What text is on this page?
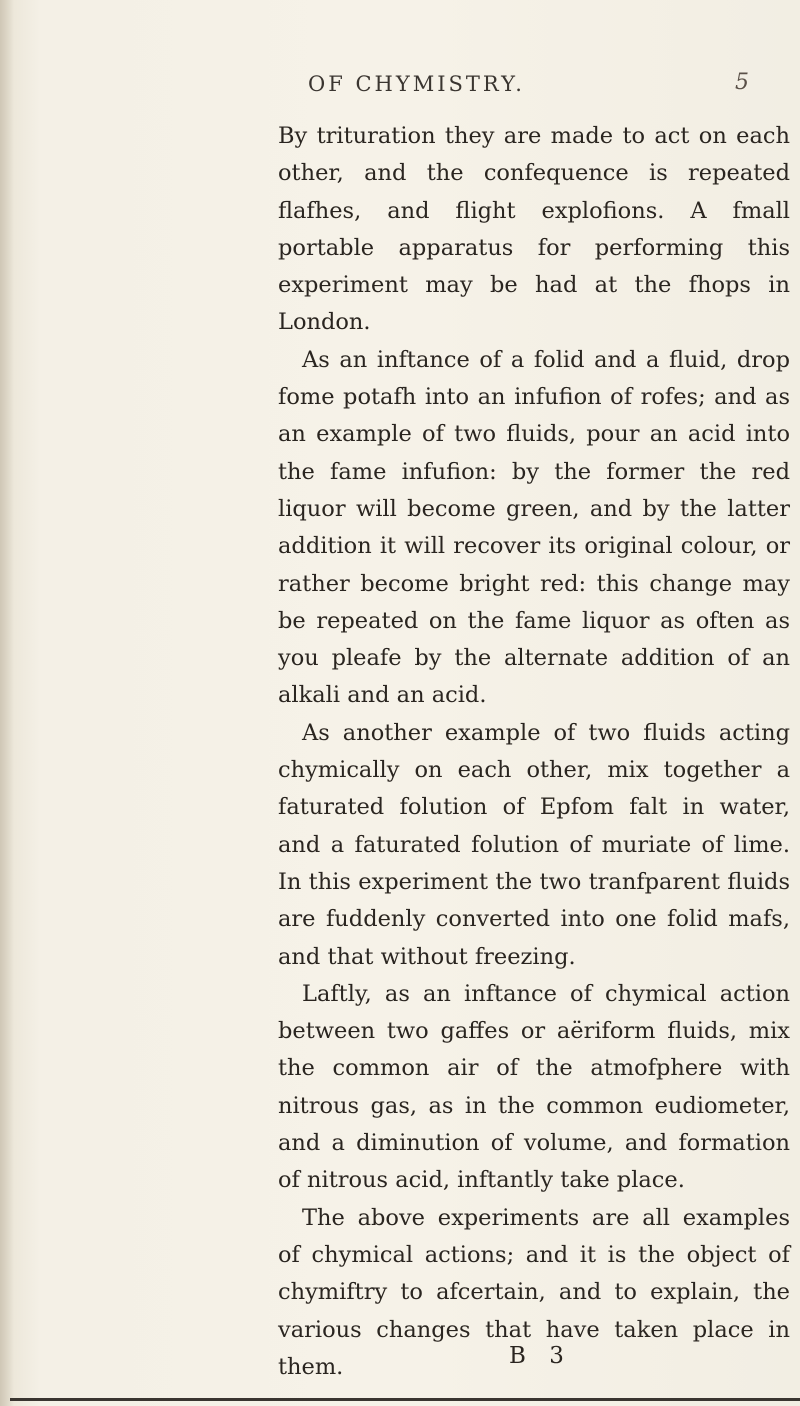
OF CHYMISTRY.	5

By trituration they are made to act on each other, and the confequence is repeated flafhes, and flight explofions. A fmall portable apparatus for performing this experiment may be had at the fhops in London.

As an inftance of a folid and a fluid, drop fome potafh into an infufion of rofes; and as an example of two fluids, pour an acid into the fame infufion: by the former the red liquor will become green, and by the latter addition it will recover its original colour, or rather become bright red: this change may be repeated on the fame liquor as often as you pleafe by the alternate addition of an alkali and an acid.

As another example of two fluids acting chymically on each other, mix together a faturated folution of Epfom falt in water, and a faturated folution of muriate of lime. In this experiment the two tranfparent fluids are fuddenly converted into one folid mafs, and that without freezing.

Laftly, as an inftance of chymical action between two gaffes or aëriform fluids, mix the common air of the atmofphere with nitrous gas, as in the common eudiometer, and a diminution of volume, and formation of nitrous acid, inftantly take place.

The above experiments are all examples of chymical actions; and it is the object of chymiftry to afcertain, and to explain, the various changes that have taken place in them.	B 3
